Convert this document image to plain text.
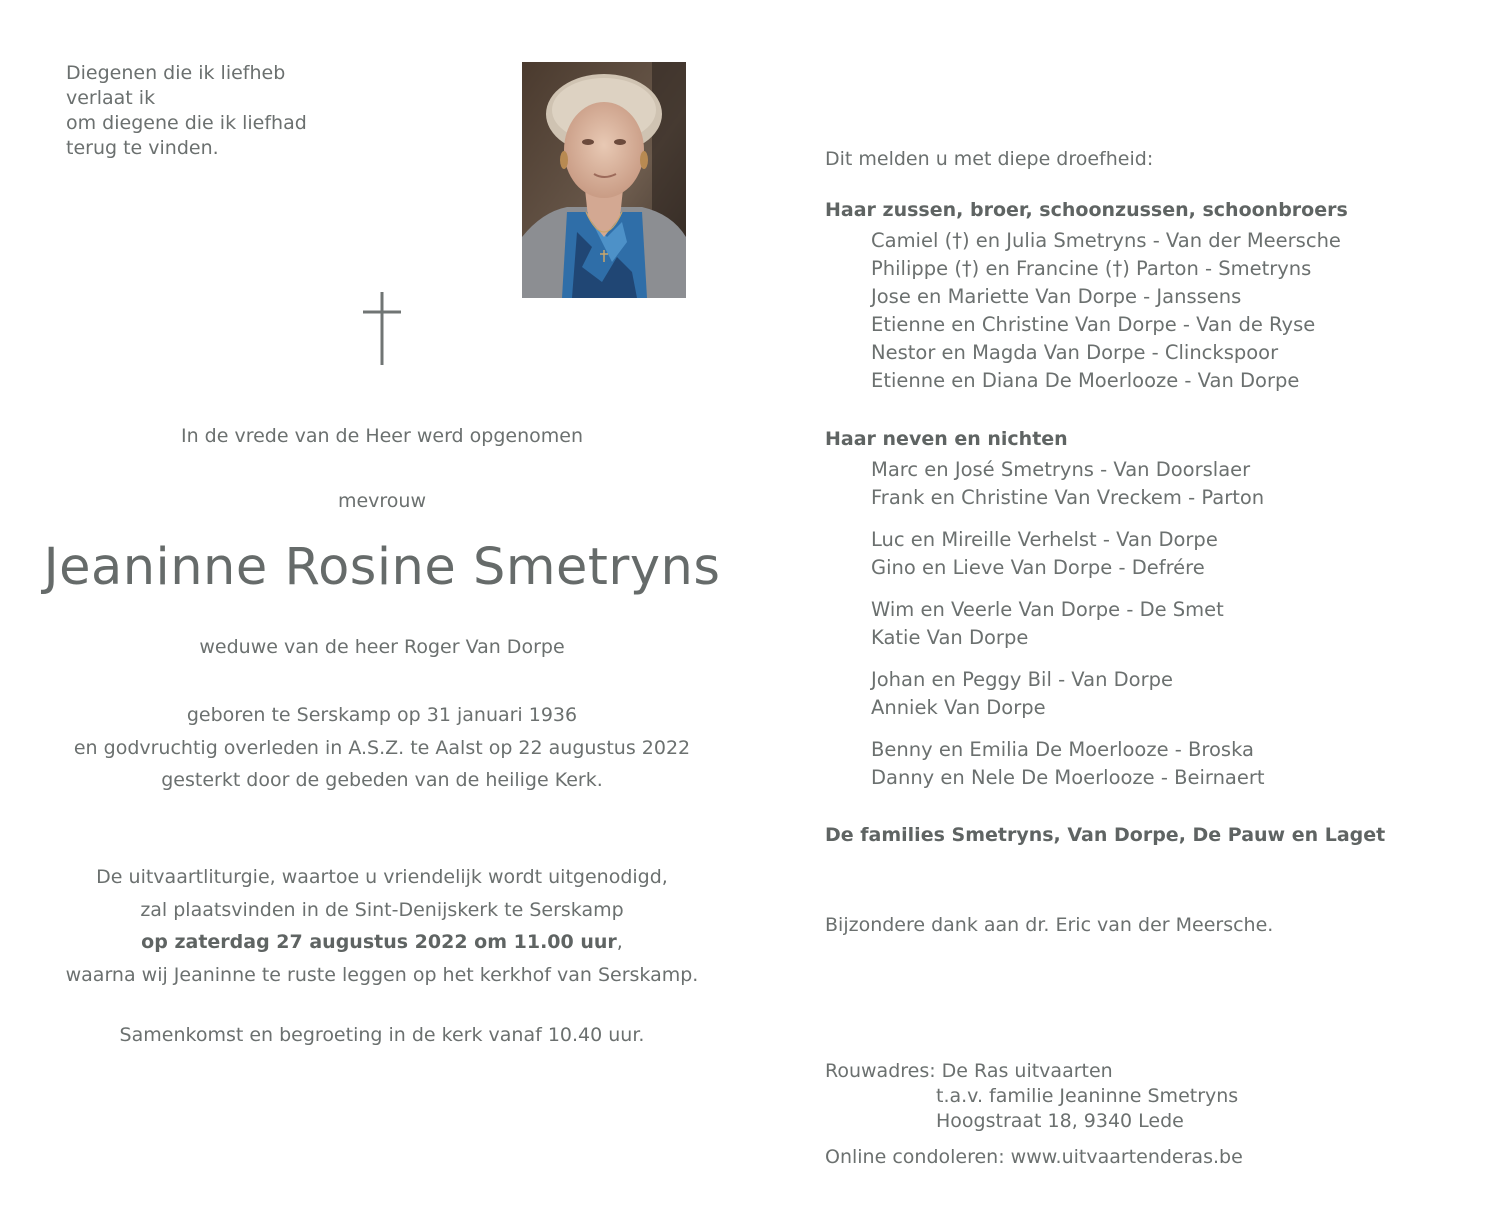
Diegenen die ik liefheb
verlaat ik
om diegene die ik liefhad
terug te vinden.
In de vrede van de Heer werd opgenomen
mevrouw
Jeaninne Rosine Smetryns
weduwe van de heer Roger Van Dorpe
geboren te Serskamp op 31 januari 1936
en godvruchtig overleden in A.S.Z. te Aalst op 22 augustus 2022
gesterkt door de gebeden van de heilige Kerk.
De uitvaartliturgie, waartoe u vriendelijk wordt uitgenodigd,
zal plaatsvinden in de Sint-Denijskerk te Serskamp
op zaterdag 27 augustus 2022 om 11.00 uur,
waarna wij Jeaninne te ruste leggen op het kerkhof van Serskamp.
Samenkomst en begroeting in de kerk vanaf 10.40 uur.
Dit melden u met diepe droefheid:
Haar zussen, broer, schoonzussen, schoonbroers
Camiel (†) en Julia Smetryns - Van der Meersche
Philippe (†) en Francine (†) Parton - Smetryns
Jose en Mariette Van Dorpe - Janssens
Etienne en Christine Van Dorpe - Van de Ryse
Nestor en Magda Van Dorpe - Clinckspoor
Etienne en Diana De Moerlooze - Van Dorpe
Haar neven en nichten
Marc en José Smetryns - Van Doorslaer
Frank en Christine Van Vreckem - Parton
Luc en Mireille Verhelst - Van Dorpe
Gino en Lieve Van Dorpe - Defrére
Wim en Veerle Van Dorpe - De Smet
Katie Van Dorpe
Johan en Peggy Bil - Van Dorpe
Anniek Van Dorpe
Benny en Emilia De Moerlooze - Broska
Danny en Nele De Moerlooze - Beirnaert
De families Smetryns, Van Dorpe, De Pauw en Laget
Bijzondere dank aan dr. Eric van der Meersche.
Rouwadres: De Ras uitvaarten
t.a.v. familie Jeaninne Smetryns
Hoogstraat 18, 9340 Lede
Online condoleren: www.uitvaartenderas.be
